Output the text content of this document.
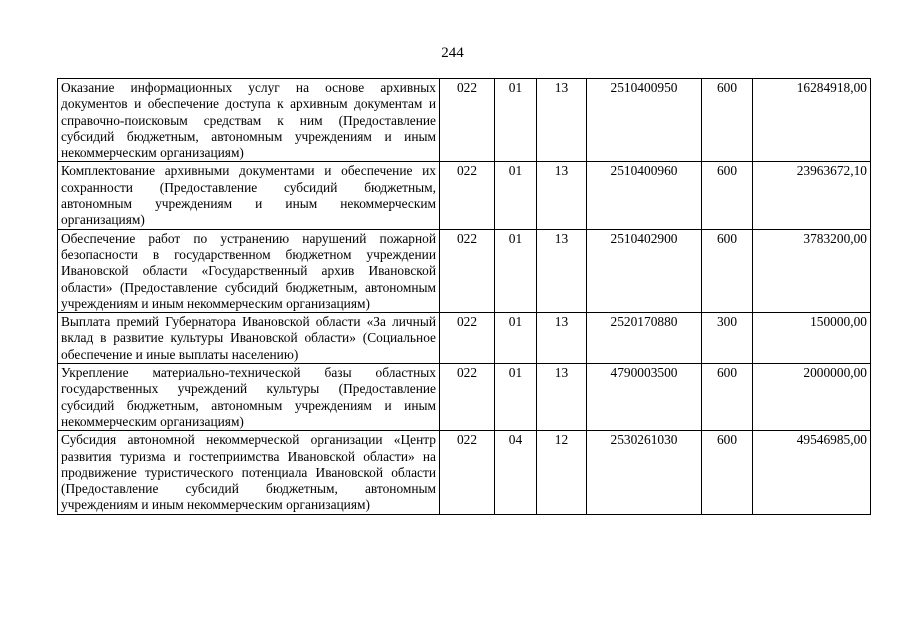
244
Оказание информационных услуг на основе архивных документов и обеспечение доступа к архивным документам и справочно-поисковым средствам к ним (Предоставление субсидий бюджетным, автономным учреждениям и иным некоммерческим организациям)	022	01	13	2510400950	600	16284918,00
Комплектование архивными документами и обеспечение их сохранности (Предоставление субсидий бюджетным, автономным учреждениям и иным некоммерческим организациям)	022	01	13	2510400960	600	23963672,10
Обеспечение работ по устранению нарушений пожарной безопасности в государственном бюджетном учреждении Ивановской области «Государственный архив Ивановской области» (Предоставление субсидий бюджетным, автономным учреждениям и иным некоммерческим организациям)	022	01	13	2510402900	600	3783200,00
Выплата премий Губернатора Ивановской области «За личный вклад в развитие культуры Ивановской области» (Социальное обеспечение и иные выплаты населению)	022	01	13	2520170880	300	150000,00
Укрепление материально-технической базы областных государственных учреждений культуры (Предоставление субсидий бюджетным, автономным учреждениям и иным некоммерческим организациям)	022	01	13	4790003500	600	2000000,00
Субсидия автономной некоммерческой организации «Центр развития туризма и гостеприимства Ивановской области» на продвижение туристического потенциала Ивановской области (Предоставление субсидий бюджетным, автономным учреждениям и иным некоммерческим организациям)	022	04	12	2530261030	600	49546985,00
